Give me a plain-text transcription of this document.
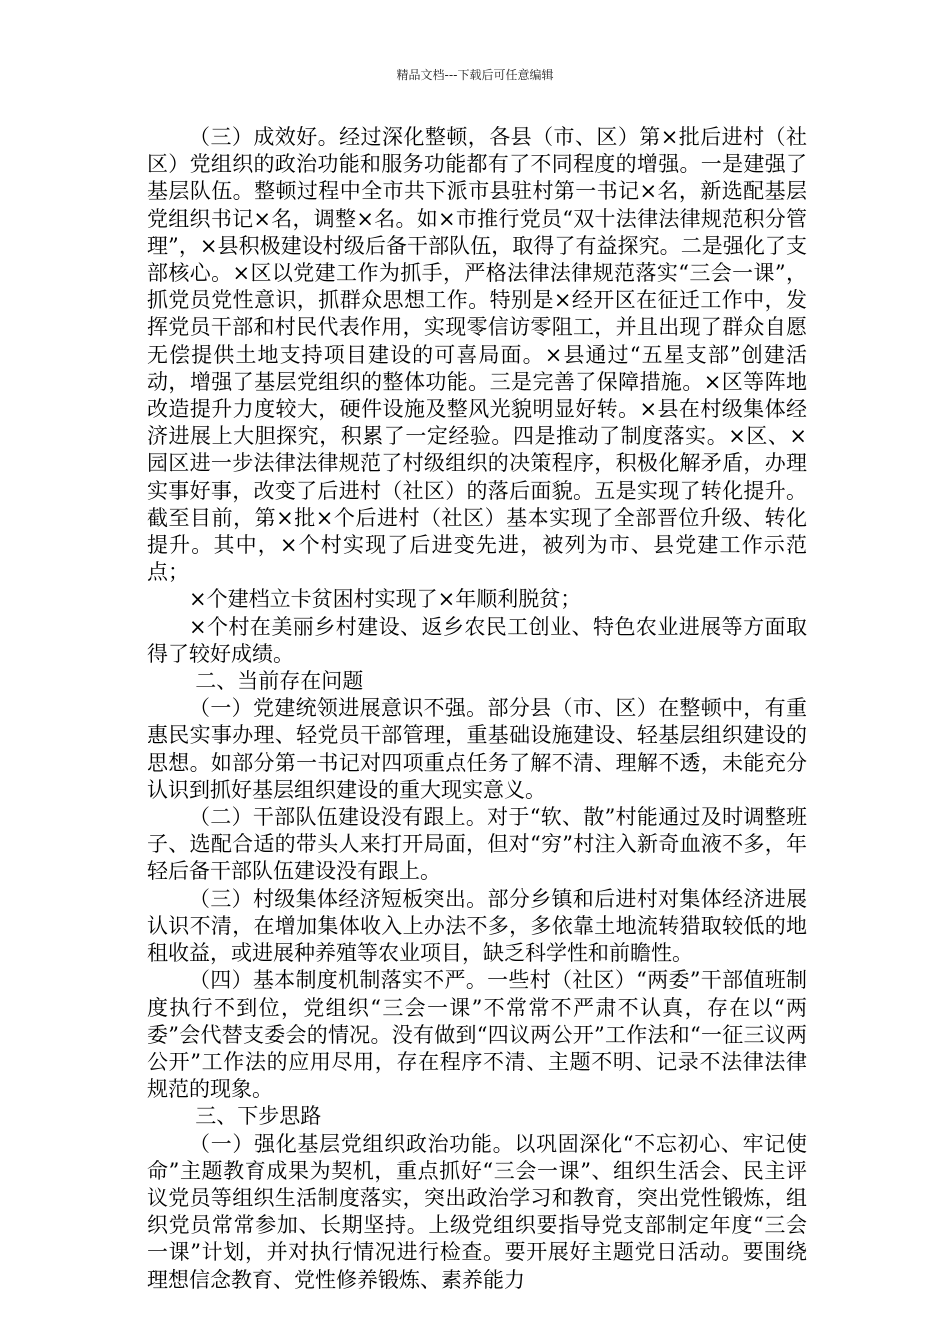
精品文档---下载后可任意编辑

（三）成效好。经过深化整顿，各县（市、区）第×批后进村（社区）党组织的政治功能和服务功能都有了不同程度的增强。一是建强了基层队伍。整顿过程中全市共下派市县驻村第一书记×名，新选配基层党组织书记×名，调整×名。如×市推行党员“双十法律法律规范积分管理”，×县积极建设村级后备干部队伍，取得了有益探究。二是强化了支部核心。×区以党建工作为抓手，严格法律法律规范落实“三会一课”，抓党员党性意识，抓群众思想工作。特别是×经开区在征迁工作中，发挥党员干部和村民代表作用，实现零信访零阻工，并且出现了群众自愿无偿提供土地支持项目建设的可喜局面。×县通过“五星支部”创建活动，增强了基层党组织的整体功能。三是完善了保障措施。×区等阵地改造提升力度较大，硬件设施及整风光貌明显好转。×县在村级集体经济进展上大胆探究，积累了一定经验。四是推动了制度落实。×区、×园区进一步法律法律规范了村级组织的决策程序，积极化解矛盾，办理实事好事，改变了后进村（社区）的落后面貌。五是实现了转化提升。截至目前，第×批×个后进村（社区）基本实现了全部晋位升级、转化提升。其中，×个村实现了后进变先进，被列为市、县党建工作示范点；

×个建档立卡贫困村实现了×年顺利脱贫；

×个村在美丽乡村建设、返乡农民工创业、特色农业进展等方面取得了较好成绩。

二、当前存在问题

（一）党建统领进展意识不强。部分县（市、区）在整顿中，有重惠民实事办理、轻党员干部管理，重基础设施建设、轻基层组织建设的思想。如部分第一书记对四项重点任务了解不清、理解不透，未能充分认识到抓好基层组织建设的重大现实意义。

（二）干部队伍建设没有跟上。对于“软、散”村能通过及时调整班子、选配合适的带头人来打开局面，但对“穷”村注入新奇血液不多，年轻后备干部队伍建设没有跟上。

（三）村级集体经济短板突出。部分乡镇和后进村对集体经济进展认识不清，在增加集体收入上办法不多，多依靠土地流转猎取较低的地租收益，或进展种养殖等农业项目，缺乏科学性和前瞻性。

（四）基本制度机制落实不严。一些村（社区）“两委”干部值班制度执行不到位，党组织“三会一课”不常常不严肃不认真，存在以“两委”会代替支委会的情况。没有做到“四议两公开”工作法和“一征三议两公开”工作法的应用尽用，存在程序不清、主题不明、记录不法律法律规范的现象。

三、下步思路

（一）强化基层党组织政治功能。以巩固深化“不忘初心、牢记使命”主题教育成果为契机，重点抓好“三会一课”、组织生活会、民主评议党员等组织生活制度落实，突出政治学习和教育，突出党性锻炼，组织党员常常参加、长期坚持。上级党组织要指导党支部制定年度“三会一课”计划，并对执行情况进行检查。要开展好主题党日活动。要围绕理想信念教育、党性修养锻炼、素养能力
